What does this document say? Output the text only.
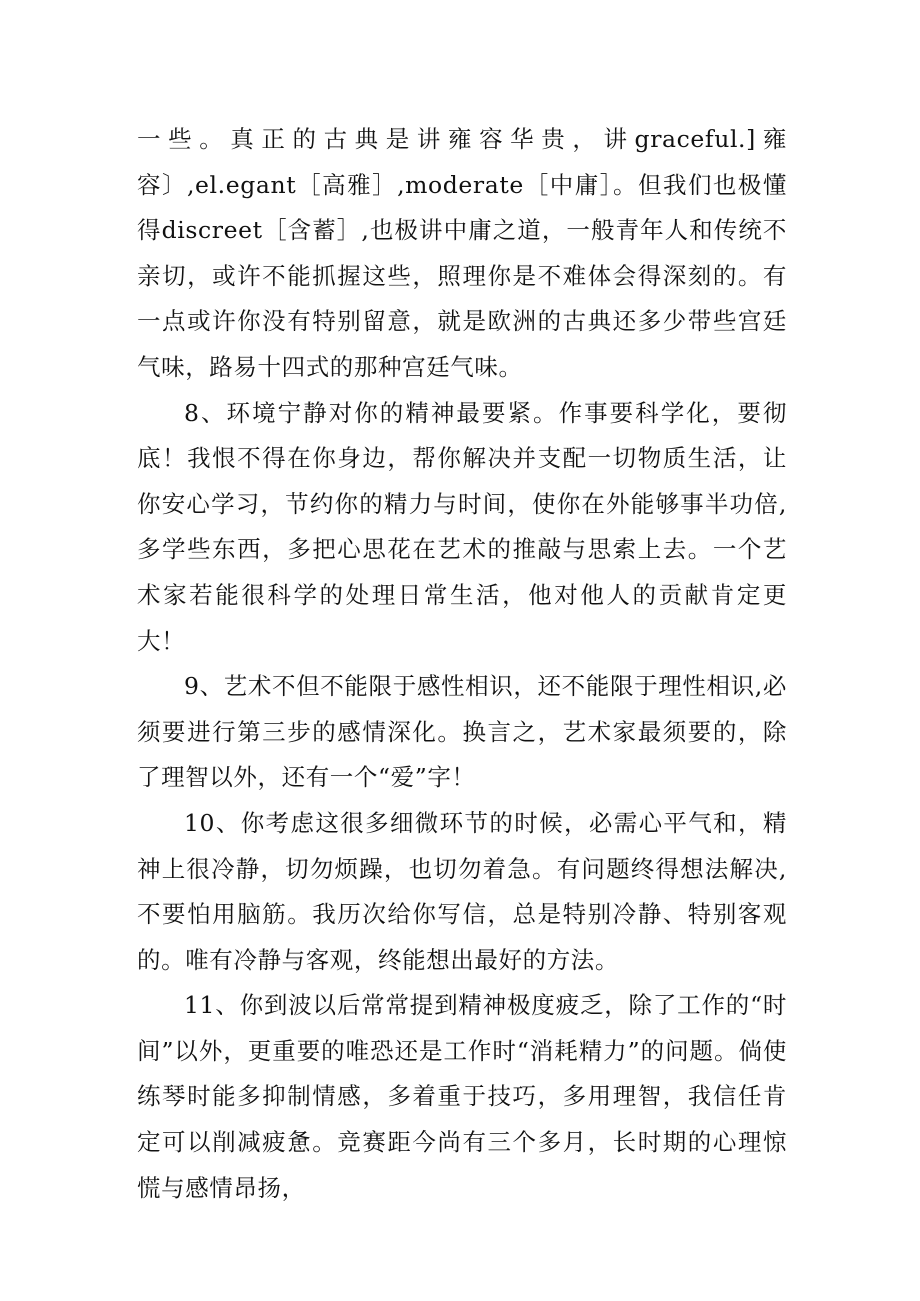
一些。真正的古典是讲雍容华贵，讲graceful.]雍容〕,el.egant［高雅］,moderate［中庸］。但我们也极懂得discreet［含蓄］,也极讲中庸之道，一般青年人和传统不亲切，或许不能抓握这些，照理你是不难体会得深刻的。有一点或许你没有特别留意，就是欧洲的古典还多少带些宫廷气味，路易十四式的那种宫廷气味。

8、环境宁静对你的精神最要紧。作事要科学化，要彻底！我恨不得在你身边，帮你解决并支配一切物质生活，让你安心学习，节约你的精力与时间，使你在外能够事半功倍,多学些东西，多把心思花在艺术的推敲与思索上去。一个艺术家若能很科学的处理日常生活，他对他人的贡献肯定更大！

9、艺术不但不能限于感性相识，还不能限于理性相识,必须要进行第三步的感情深化。换言之，艺术家最须要的，除了理智以外，还有一个“爱”字！

10、你考虑这很多细微环节的时候，必需心平气和，精神上很冷静，切勿烦躁，也切勿着急。有问题终得想法解决,不要怕用脑筋。我历次给你写信，总是特别冷静、特别客观的。唯有冷静与客观，终能想出最好的方法。

11、你到波以后常常提到精神极度疲乏，除了工作的“时间”以外，更重要的唯恐还是工作时“消耗精力”的问题。倘使练琴时能多抑制情感，多着重于技巧，多用理智，我信任肯定可以削减疲惫。竞赛距今尚有三个多月，长时期的心理惊慌与感情昂扬，
